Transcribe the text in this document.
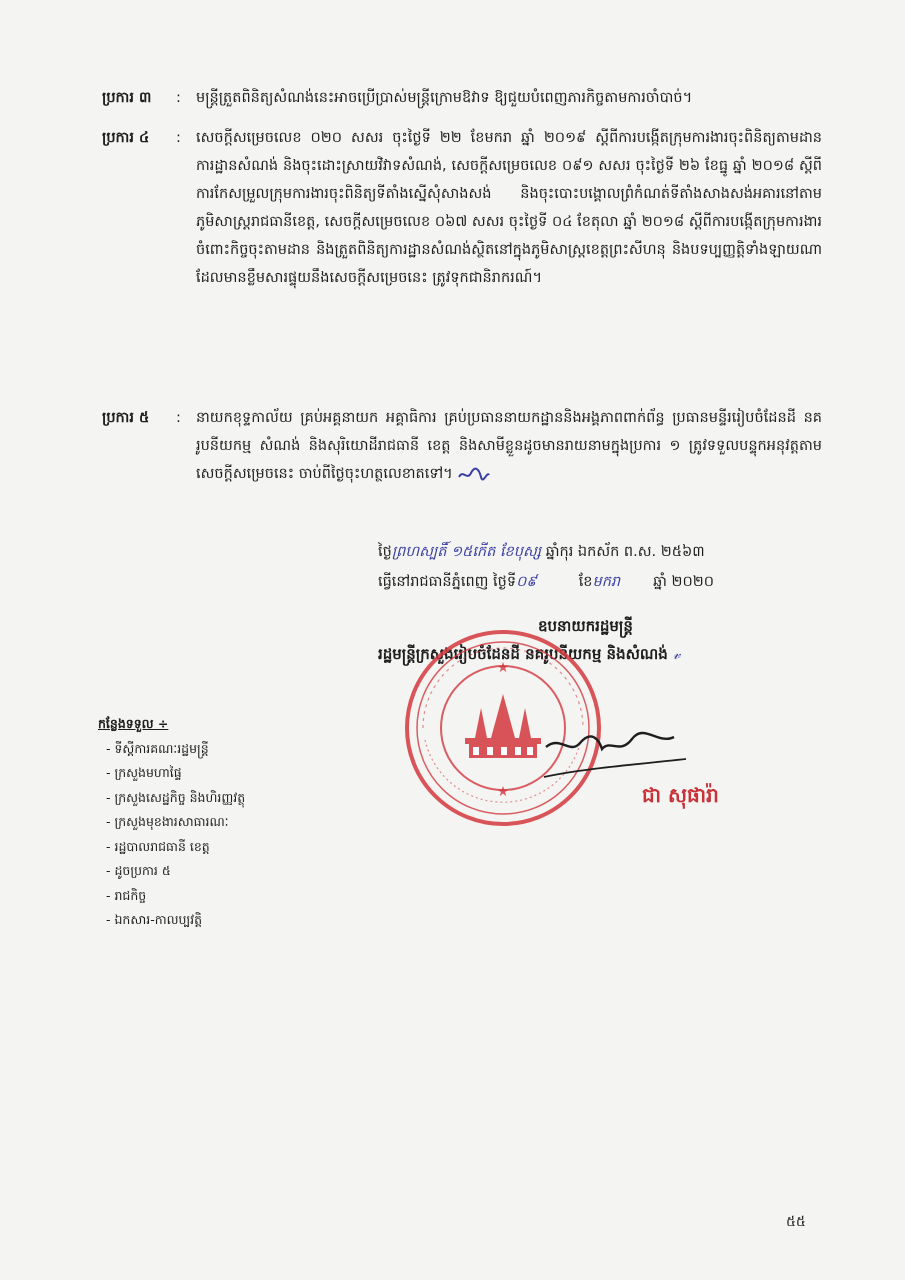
ប្រការ ៣ : មន្ត្រីត្រួតពិនិត្យសំណង់នេះអាចប្រើប្រាស់មន្ត្រីក្រោមឱវាទ ឱ្យជួយបំពេញភារកិច្ចតាមការចាំបាច់។
ប្រការ ៤ : សេចក្តីសម្រេចលេខ ០២០ សសរ ចុះថ្ងៃទី ២២ ខែមករា ឆ្នាំ ២០១៩ ស្តីពីការបង្កើតក្រុមការងារចុះពិនិត្យតាមដានការដ្ឋានសំណង់ និងចុះដោះស្រាយវិវាទសំណង់, សេចក្តីសម្រេចលេខ ០៩១ សសរ ចុះថ្ងៃទី ២៦ ខែធ្នូ ឆ្នាំ ២០១៨ ស្តីពីការកែសម្រួលក្រុមការងារចុះពិនិត្យទីតាំងស្នើសុំសាងសង់ និងចុះបោះបង្គោលព្រំកំណត់ទីតាំងសាងសង់អគារនៅតាមភូមិសាស្ត្ររាជធានីខេត្ត, សេចក្តីសម្រេចលេខ ០៦៧ សសរ ចុះថ្ងៃទី ០៤ ខែតុលា ឆ្នាំ ២០១៨ ស្តីពីការបង្កើតក្រុមការងារចំពោះកិច្ចចុះតាមដាន និងត្រួតពិនិត្យការដ្ឋានសំណង់ស្ថិតនៅក្នុងភូមិសាស្ត្រខេត្តព្រះសីហនុ និងបទប្បញ្ញត្តិទាំងឡាយណា ដែលមានខ្លឹមសារផ្ទុយនឹងសេចក្តីសម្រេចនេះ ត្រូវទុកជានិរាករណ៍។
ប្រការ ៥ : នាយកខុទ្ទកាល័យ គ្រប់អគ្គនាយក អគ្គាធិការ គ្រប់ប្រធាននាយកដ្ឋាននិងអង្គភាពពាក់ព័ន្ធ ប្រធានមន្ទីររៀបចំដែនដី នគរូបនីយកម្ម សំណង់ និងសុរិយោដីរាជធានី ខេត្ត និងសាមីខ្លួនដូចមានរាយនាមក្នុងប្រការ ១ ត្រូវទទួលបន្ទុកអនុវត្តតាមសេចក្តីសម្រេចនេះ ចាប់ពីថ្ងៃចុះហត្ថលេខាតទៅ។
ថ្ងៃព្រហស្បតិ៍ ១៥កើត ខែបុស្ស ឆ្នាំកុរ ឯកស័ក ព.ស. ២៥៦៣
ធ្វើនៅរាជធានីភ្នំពេញ ថ្ងៃទី០៩	ខែមករា ឆ្នាំ ២០២០
ឧបនាយករដ្ឋមន្ត្រី
រដ្ឋមន្ត្រីក្រសួងរៀបចំដែនដី នគរូបនីយកម្ម និងសំណង់ 𝓋
★
★	ជា សុផារ៉ា
កន្លែងទទួល ÷
- ទីស្តីការគណៈរដ្ឋមន្ត្រី
- ក្រសួងមហាផ្ទៃ
- ក្រសួងសេដ្ឋកិច្ច និងហិរញ្ញវត្ថុ
- ក្រសួងមុខងារសាធារណៈ
- រដ្ឋបាលរាជធានី ខេត្ត
- ដូចប្រការ ៥
- រាជកិច្ច
- ឯកសារ-កាលប្បវត្តិ
៥៥
